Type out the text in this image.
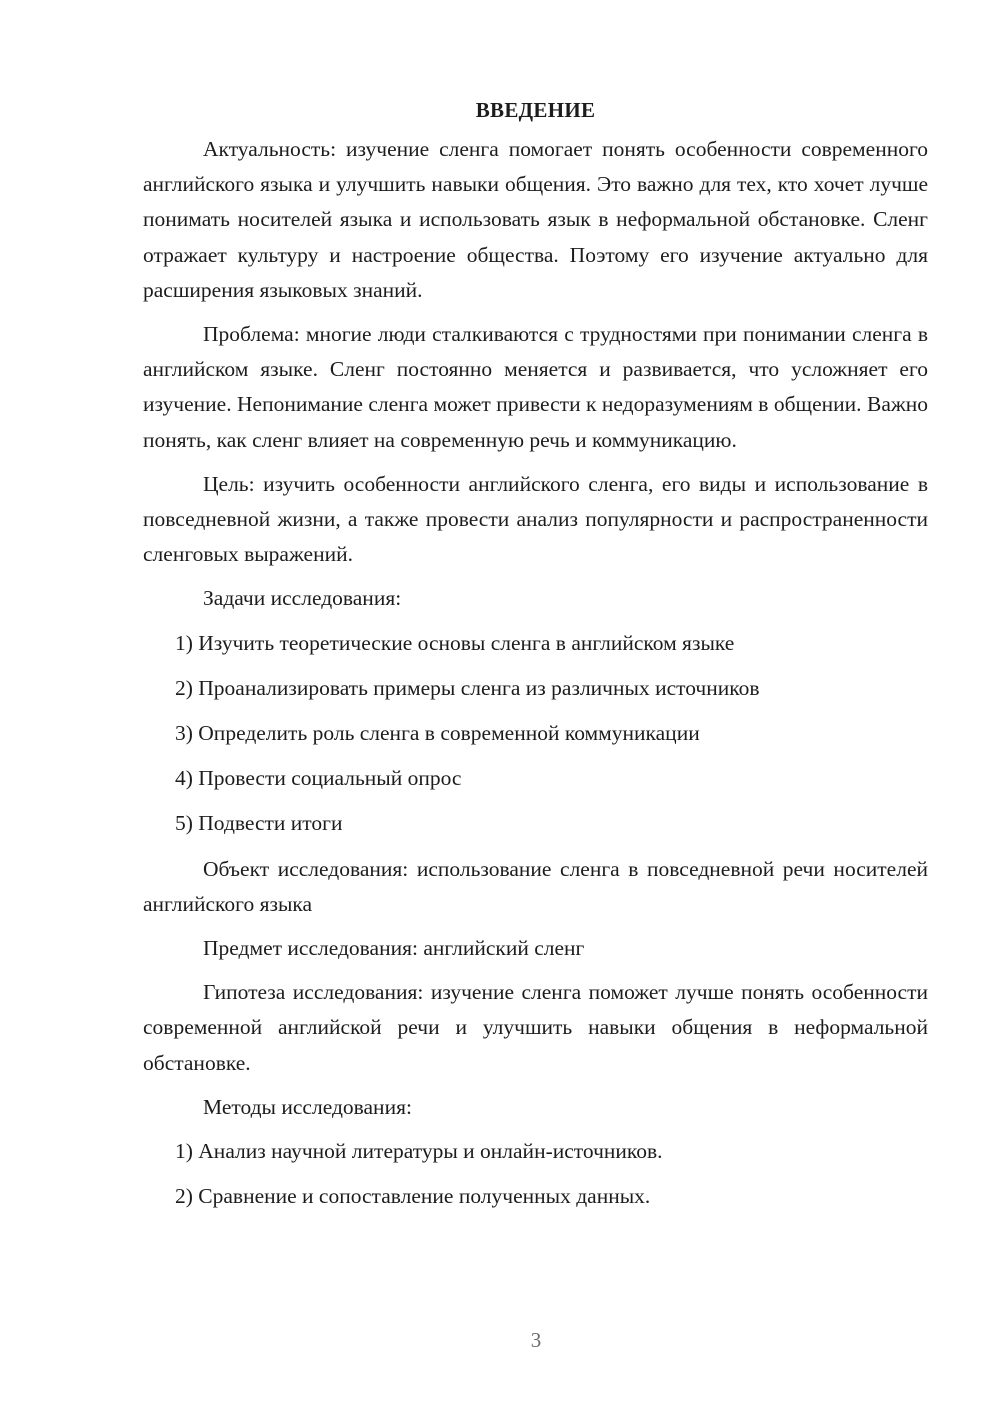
ВВЕДЕНИЕ

Актуальность: изучение сленга помогает понять особенности современного английского языка и улучшить навыки общения. Это важно для тех, кто хочет лучше понимать носителей языка и использовать язык в неформальной обстановке. Сленг отражает культуру и настроение общества. Поэтому его изучение актуально для расширения языковых знаний.

Проблема: многие люди сталкиваются с трудностями при понимании сленга в английском языке. Сленг постоянно меняется и развивается, что усложняет его изучение. Непонимание сленга может привести к недоразумениям в общении. Важно понять, как сленг влияет на современную речь и коммуникацию.

Цель: изучить особенности английского сленга, его виды и использование в повседневной жизни, а также провести анализ популярности и распространенности сленговых выражений.

Задачи исследования:

1) Изучить теоретические основы сленга в английском языке

2) Проанализировать примеры сленга из различных источников

3) Определить роль сленга в современной коммуникации

4) Провести социальный опрос

5) Подвести итоги

Объект исследования: использование сленга в повседневной речи носителей английского языка

Предмет исследования: английский сленг

Гипотеза исследования: изучение сленга поможет лучше понять особенности современной английской речи и улучшить навыки общения в неформальной обстановке.

Методы исследования:

1) Анализ научной литературы и онлайн-источников.

2) Сравнение и сопоставление полученных данных.

3
